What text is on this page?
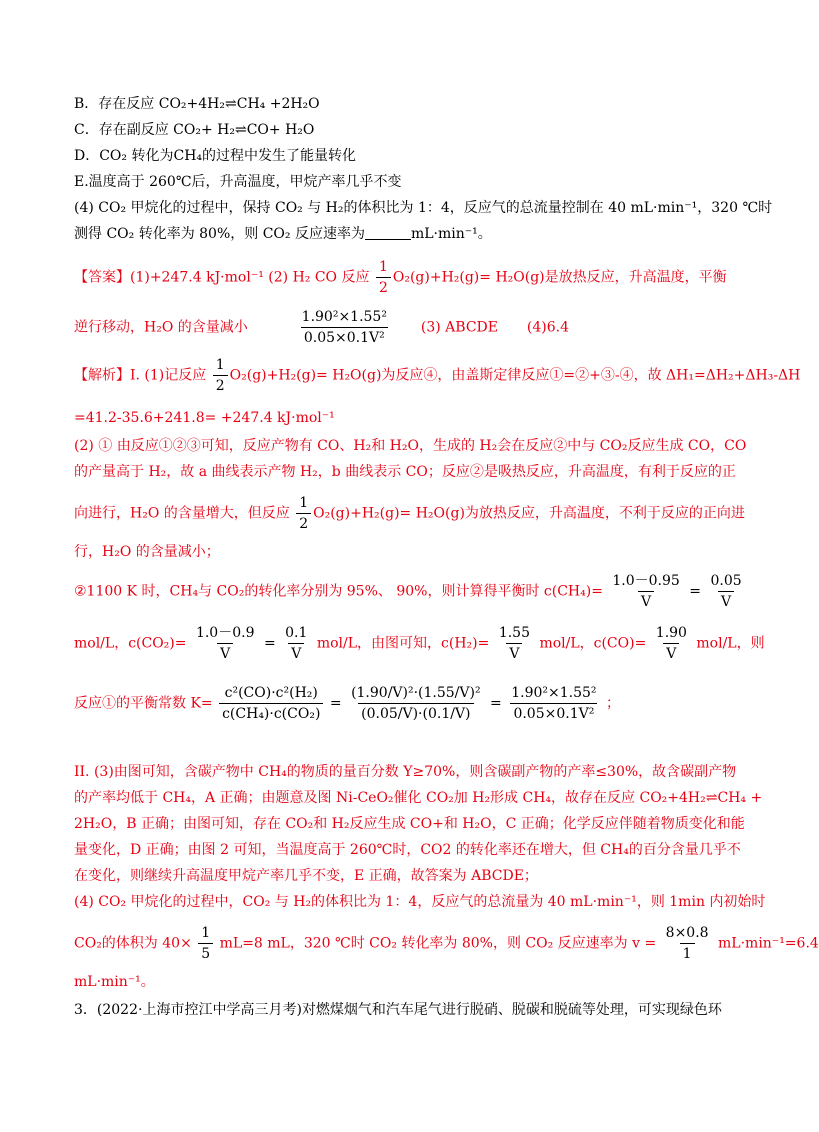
B．存在反应 CO₂+4H₂⇌CH₄ +2H₂O
C．存在副反应 CO₂+ H₂⇌CO+ H₂O
D．CO₂ 转化为CH₄的过程中发生了能量转化
E.温度高于 260℃后，升高温度，甲烷产率几乎不变
(4) CO₂ 甲烷化的过程中，保持 CO₂ 与 H₂的体积比为 1：4，反应气的总流量控制在 40 mL·min⁻¹，320 ℃时
测得 CO₂ 转化率为 80%，则 CO₂ 反应速率为	mL·min⁻¹。
【答案】(1)+247.4 kJ·mol⁻¹ (2) H₂ CO 反应 $\frac{1}{2} O_2(g)+H_2(g)= H_2O(g)$是放热反应，升高温度，平衡
逆行移动，H₂O 的含量减小	$\frac{\text{1.90²×1.55²}}{\text{0.05×0.1V²}} (3)$ ABCDE (4)6.4
【解析】I. (1)记反应 $\frac{1}{2} O_2(g)+H_2(g)= H_2O(g)$为反应④，由盖斯定律反应①=②+③-④，故 ΔH₁=ΔH₂+ΔH₃-ΔH
=41.2-35.6+241.8= +247.4 kJ·mol⁻¹
(2) ① 由反应①②③可知，反应产物有 CO、H₂和 H₂O，生成的 H₂会在反应②中与 CO₂反应生成 CO，CO
的产量高于 H₂，故 a 曲线表示产物 H₂，b 曲线表示 CO；反应②是吸热反应，升高温度，有利于反应的正
向进行，H₂O 的含量增大，但反应 $\frac{1}{2} O_2(g)+H_2(g)= H_2O(g)$为放热反应，升高温度，不利于反应的正向进
行，H₂O 的含量减小；
②1100 K 时，CH₄与 CO₂的转化率分别为 95%、 90%，则计算得平衡时 $c(CH_4)= \frac{1.0-0.95}{V} = \frac{0.05}{V}$
mol/L，$c(CO_2)= \frac{1.0-0.9}{V} = \frac{0.1}{V} mol/L$，由图可知，$c(H_2)= \frac{1.55}{V} mol/L$，$c(CO)= \frac{1.90}{V} mol/L$，则
反应①的平衡常数 $K= \frac{\text{c²(CO)·c²(H₂)}}{\text{c(CH₄)·c(CO₂)}} = \frac{\text{(1.90/V)²·(1.55/V)²}}{(0.05/V)\cdot(0.1/V)} = \frac{\text{1.90²×1.55²}}{\text{0.05×0.1V²}}$ ；
II. (3)由图可知，含碳产物中 CH₄的物质的量百分数 Y≥70%，则含碳副产物的产率≤30%，故含碳副产物
的产率均低于 CH₄，A 正确；由题意及图 Ni-CeO₂催化 CO₂加 H₂形成 CH₄，故存在反应 CO₂+4H₂⇌CH₄ +
2H₂O，B 正确；由图可知，存在 CO₂和 H₂反应生成 CO+和 H₂O，C 正确；化学反应伴随着物质变化和能
量变化，D 正确；由图 2 可知，当温度高于 260℃时，CO2 的转化率还在增大，但 CH₄的百分含量几乎不
在变化，则继续升高温度甲烷产率几乎不变，E 正确，故答案为 ABCDE；
(4) CO₂ 甲烷化的过程中，CO₂ 与 H₂的体积比为 1：4，反应气的总流量为 40 mL·min⁻¹，则 1min 内初始时
CO₂的体积为 $40\times \frac{1}{5} mL=8$ mL，320 ℃时 CO₂ 转化率为 80%，则 CO₂ 反应速率为 $v = \frac{8\times 0.8}{1} mL\cdot\min^{-1}=6.4$
mL·min⁻¹。
3．(2022·上海市控江中学高三月考)对燃煤烟气和汽车尾气进行脱硝、脱碳和脱硫等处理，可实现绿色环
